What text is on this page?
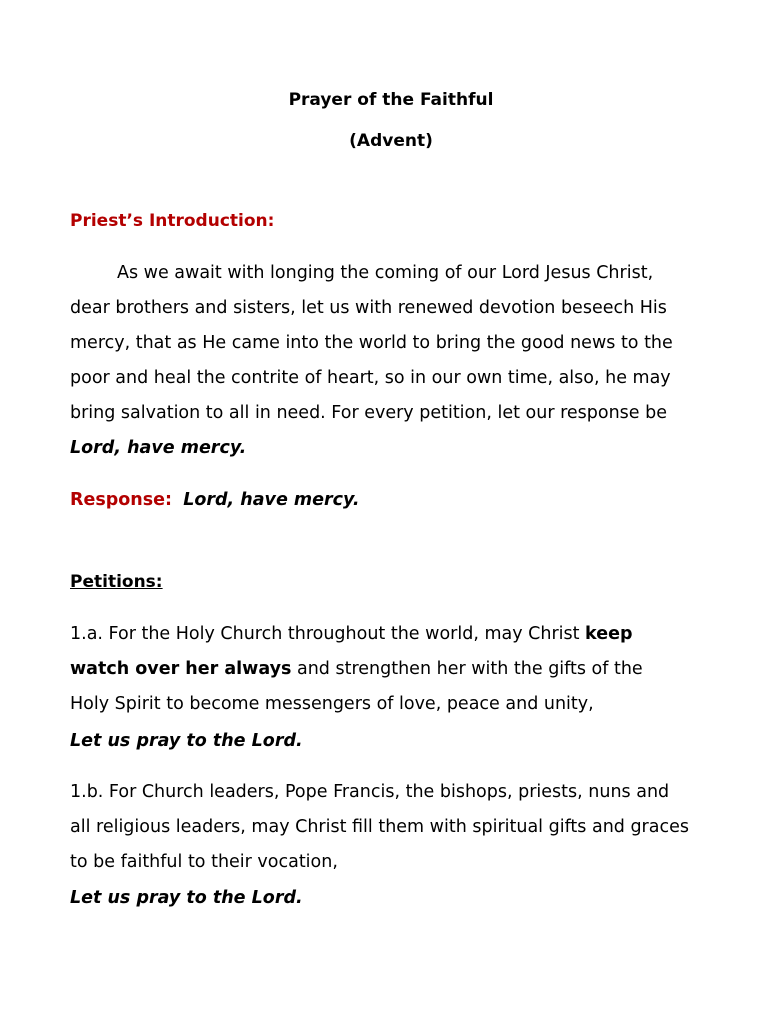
Prayer of the Faithful

(Advent)

Priest’s Introduction:

As we await with longing the coming of our Lord Jesus Christ,
dear brothers and sisters, let us with renewed devotion beseech His
mercy, that as He came into the world to bring the good news to the
poor and heal the contrite of heart, so in our own time, also, he may
bring salvation to all in need. For every petition, let our response be
Lord, have mercy.

Response: Lord, have mercy.

Petitions:

1.a. For the Holy Church throughout the world, may Christ keep
watch over her always and strengthen her with the gifts of the
Holy Spirit to become messengers of love, peace and unity,

Let us pray to the Lord.

1.b. For Church leaders, Pope Francis, the bishops, priests, nuns and
all religious leaders, may Christ fill them with spiritual gifts and graces
to be faithful to their vocation,

Let us pray to the Lord.
